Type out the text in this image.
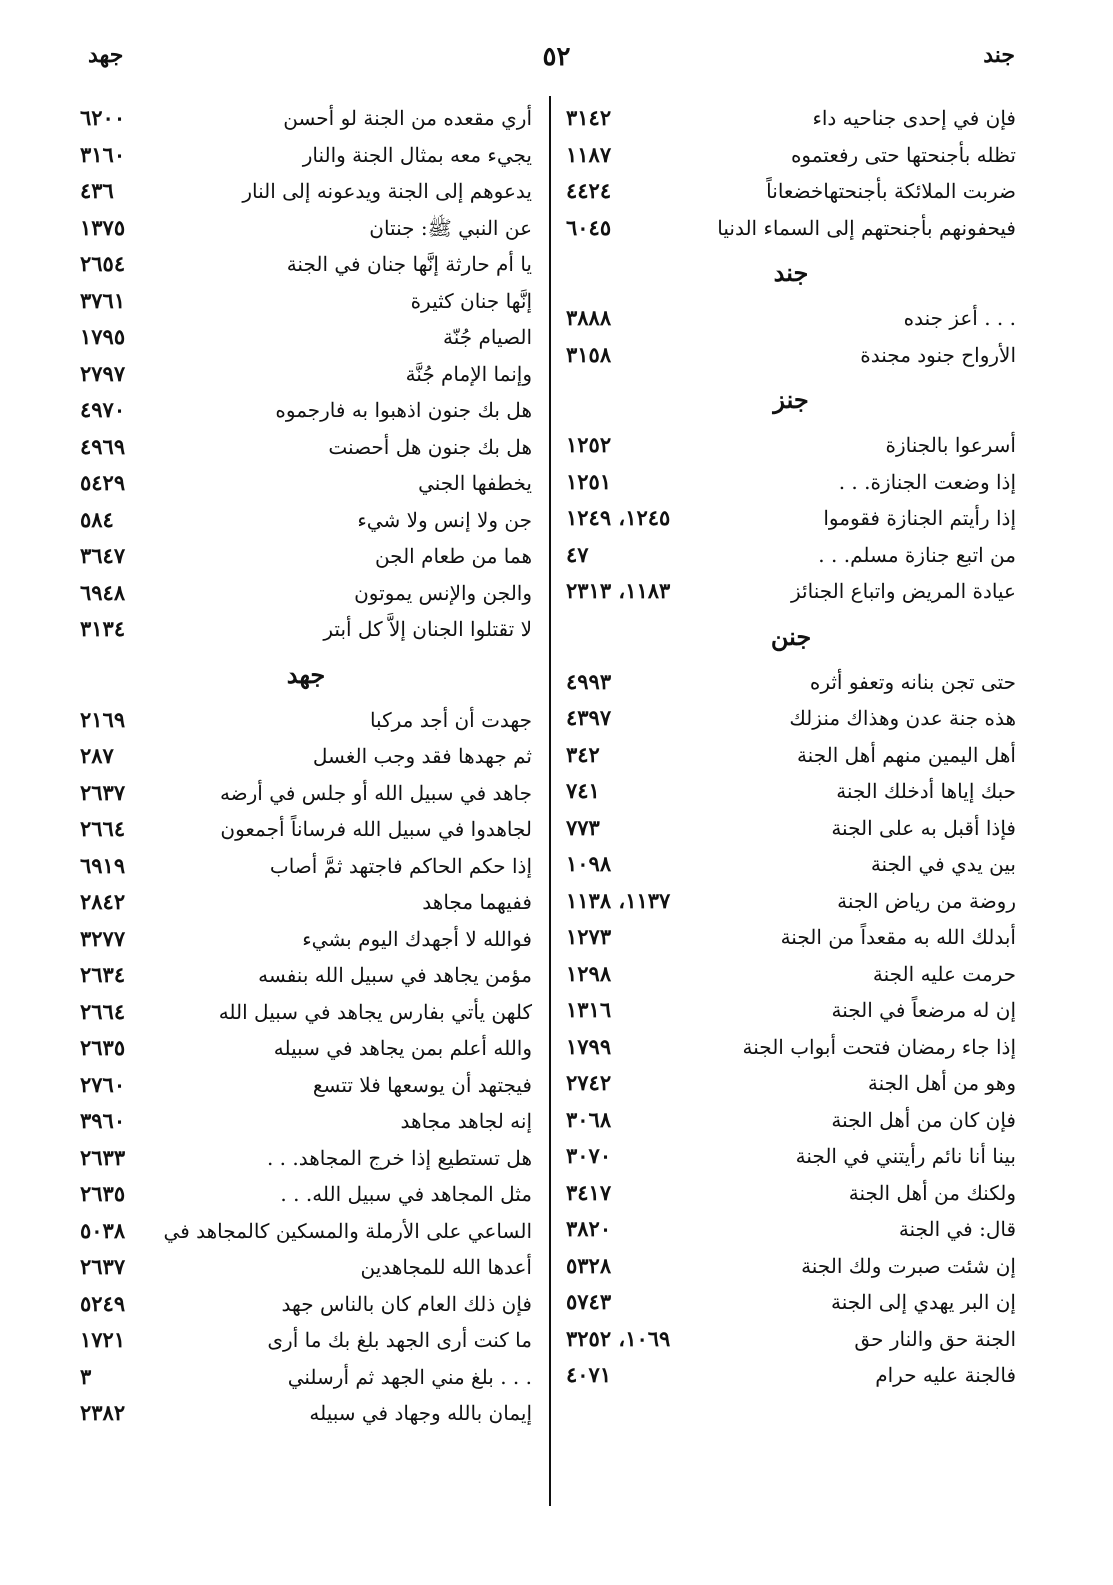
جند
٥٢
جهد
فإن في إحدى جناحيه داء
٣١٤٢
تظله بأجنحتها حتى رفعتموه
١١٨٧
ضربت الملائكة بأجنحتهاخضعاناً
٤٤٢٤
فيحفونهم بأجنحتهم إلى السماء الدنيا
٦٠٤٥
جند
. . . أعز جنده
٣٨٨٨
الأرواح جنود مجندة
٣١٥٨
جنز
أسرعوا بالجنازة
١٢٥٢
إذا وضعت الجنازة. . .
١٢٥١
إذا رأيتم الجنازة فقوموا
١٢٤٥، ١٢٤٩
من اتبع جنازة مسلم. . .
٤٧
عيادة المريض واتباع الجنائز
١١٨٣، ٢٣١٣
جنن
حتى تجن بنانه وتعفو أثره
٤٩٩٣
هذه جنة عدن وهذاك منزلك
٤٣٩٧
أهل اليمين منهم أهل الجنة
٣٤٢
حبك إياها أدخلك الجنة
٧٤١
فإذا أقبل به على الجنة
٧٧٣
بين يدي في الجنة
١٠٩٨
روضة من رياض الجنة
١١٣٧، ١١٣٨
أبدلك الله به مقعداً من الجنة
١٢٧٣
حرمت عليه الجنة
١٢٩٨
إن له مرضعاً في الجنة
١٣١٦
إذا جاء رمضان فتحت أبواب الجنة
١٧٩٩
وهو من أهل الجنة
٢٧٤٢
فإن كان من أهل الجنة
٣٠٦٨
بينا أنا نائم رأيتني في الجنة
٣٠٧٠
ولكنك من أهل الجنة
٣٤١٧
قال: في الجنة
٣٨٢٠
إن شئت صبرت ولك الجنة
٥٣٢٨
إن البر يهدي إلى الجنة
٥٧٤٣
الجنة حق والنار حق
١٠٦٩، ٣٢٥٢
فالجنة عليه حرام
٤٠٧١
أري مقعده من الجنة لو أحسن
٦٢٠٠
يجيء معه بمثال الجنة والنار
٣١٦٠
يدعوهم إلى الجنة ويدعونه إلى النار
٤٣٦
عن النبي ﷺ: جنتان
١٣٧٥
يا أم حارثة إنَّها جنان في الجنة
٢٦٥٤
إنَّها جنان كثيرة
٣٧٦١
الصيام جُنّة
١٧٩٥
وإنما الإمام جُنَّة
٢٧٩٧
هل بك جنون اذهبوا به فارجموه
٤٩٧٠
هل بك جنون هل أحصنت
٤٩٦٩
يخطفها الجني
٥٤٢٩
جن ولا إنس ولا شيء
٥٨٤
هما من طعام الجن
٣٦٤٧
والجن والإنس يموتون
٦٩٤٨
لا تقتلوا الجنان إلاَّ كل أبتر
٣١٣٤
جهد
جهدت أن أجد مركبا
٢١٦٩
ثم جهدها فقد وجب الغسل
٢٨٧
جاهد في سبيل الله أو جلس في أرضه
٢٦٣٧
لجاهدوا في سبيل الله فرساناً أجمعون
٢٦٦٤
إذا حكم الحاكم فاجتهد ثمَّ أصاب
٦٩١٩
ففيهما مجاهد
٢٨٤٢
فوالله لا أجهدك اليوم بشيء
٣٢٧٧
مؤمن يجاهد في سبيل الله بنفسه
٢٦٣٤
كلهن يأتي بفارس يجاهد في سبيل الله
٢٦٦٤
والله أعلم بمن يجاهد في سبيله
٢٦٣٥
فيجتهد أن يوسعها فلا تتسع
٢٧٦٠
إنه لجاهد مجاهد
٣٩٦٠
هل تستطيع إذا خرج المجاهد. . .
٢٦٣٣
مثل المجاهد في سبيل الله. . .
٢٦٣٥
الساعي على الأرملة والمسكين كالمجاهد في
٥٠٣٨
أعدها الله للمجاهدين
٢٦٣٧
فإن ذلك العام كان بالناس جهد
٥٢٤٩
ما كنت أرى الجهد بلغ بك ما أرى
١٧٢١
. . . بلغ مني الجهد ثم أرسلني
٣
إيمان بالله وجهاد في سبيله
٢٣٨٢
